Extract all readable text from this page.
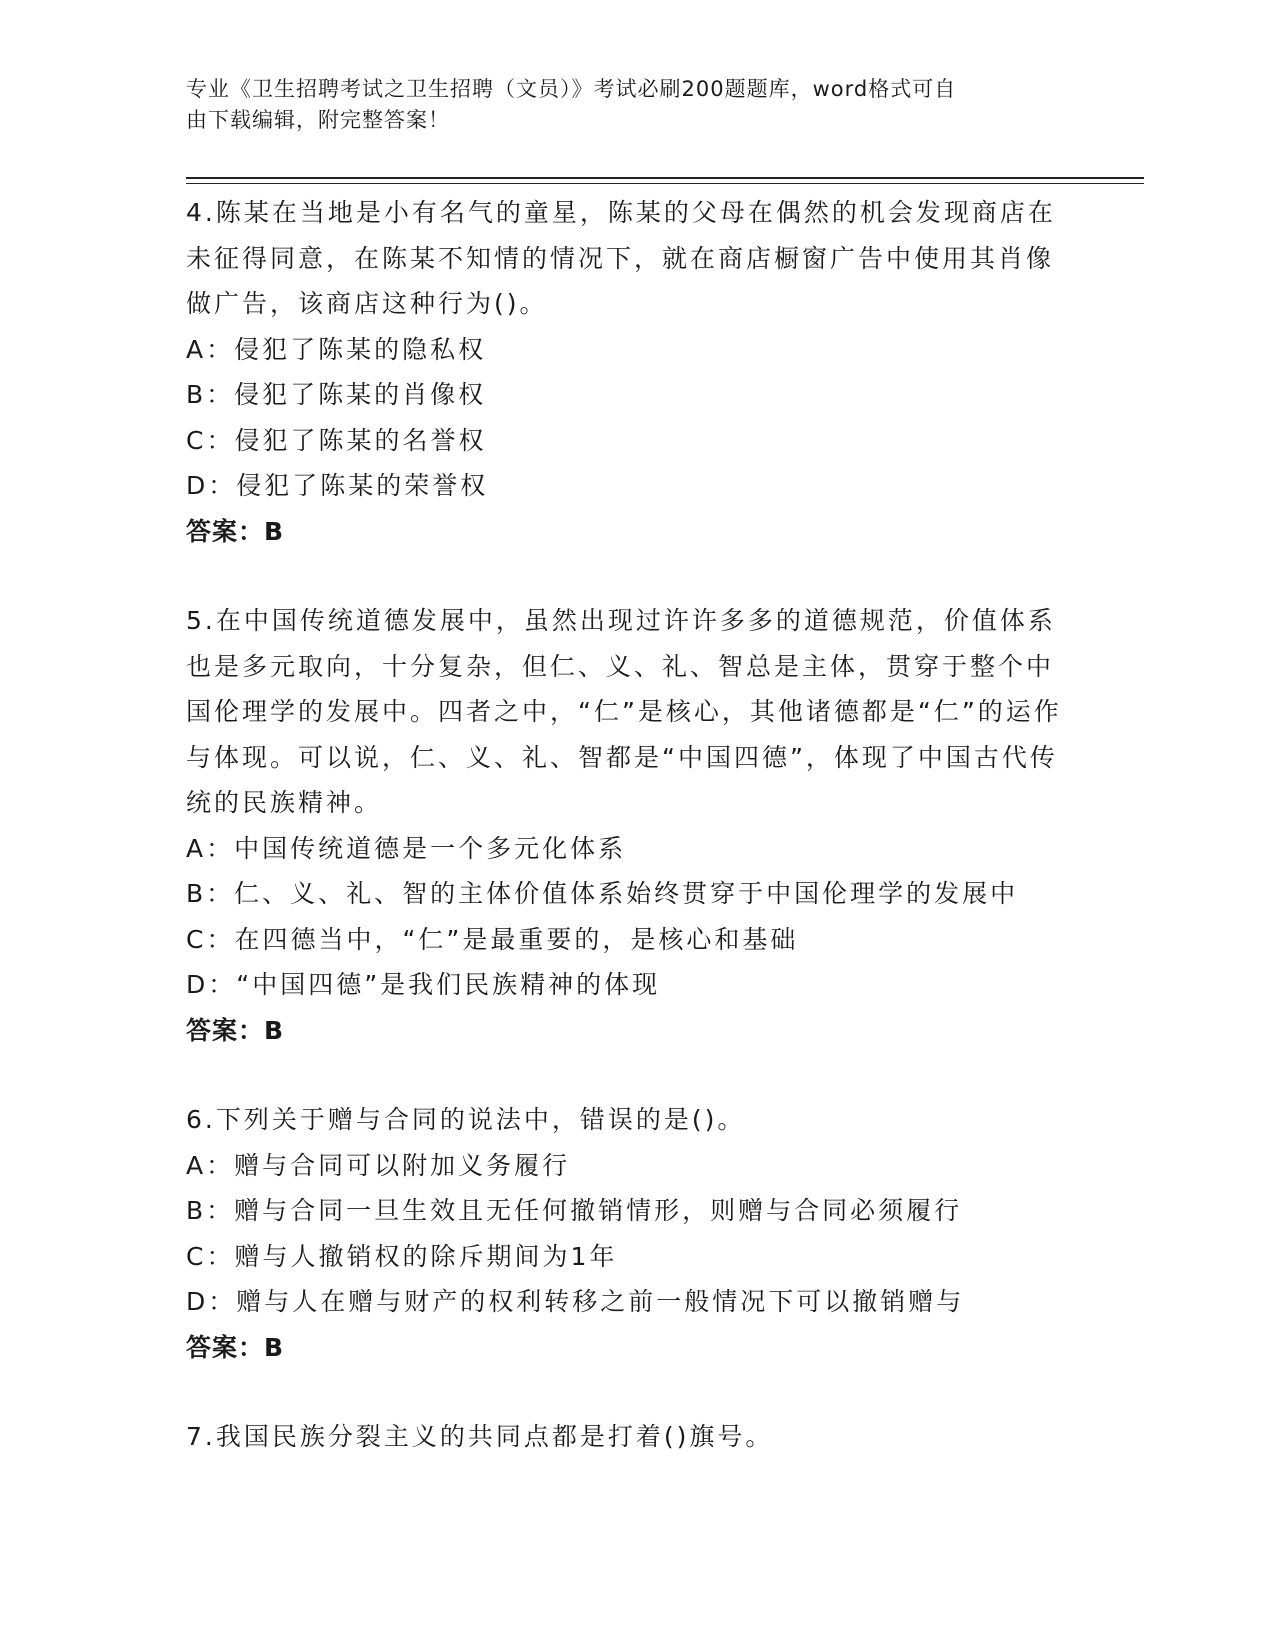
专业《卫生招聘考试之卫生招聘（文员）》考试必刷200题题库，word格式可自
由下载编辑，附完整答案！
4.陈某在当地是小有名气的童星，陈某的父母在偶然的机会发现商店在未征得同意，在陈某不知情的情况下，就在商店橱窗广告中使用其肖像做广告，该商店这种行为()。
A：侵犯了陈某的隐私权
B：侵犯了陈某的肖像权
C：侵犯了陈某的名誉权
D：侵犯了陈某的荣誉权
答案：B
5.在中国传统道德发展中，虽然出现过许许多多的道德规范，价值体系也是多元取向，十分复杂，但仁、义、礼、智总是主体，贯穿于整个中国伦理学的发展中。四者之中，“仁”是核心，其他诸德都是“仁”的运作与体现。可以说，仁、义、礼、智都是“中国四德”，体现了中国古代传统的民族精神。
A：中国传统道德是一个多元化体系
B：仁、义、礼、智的主体价值体系始终贯穿于中国伦理学的发展中
C：在四德当中，“仁”是最重要的，是核心和基础
D：“中国四德”是我们民族精神的体现
答案：B
6.下列关于赠与合同的说法中，错误的是()。
A：赠与合同可以附加义务履行
B：赠与合同一旦生效且无任何撤销情形，则赠与合同必须履行
C：赠与人撤销权的除斥期间为1年
D：赠与人在赠与财产的权利转移之前一般情况下可以撤销赠与
答案：B
7.我国民族分裂主义的共同点都是打着()旗号。
